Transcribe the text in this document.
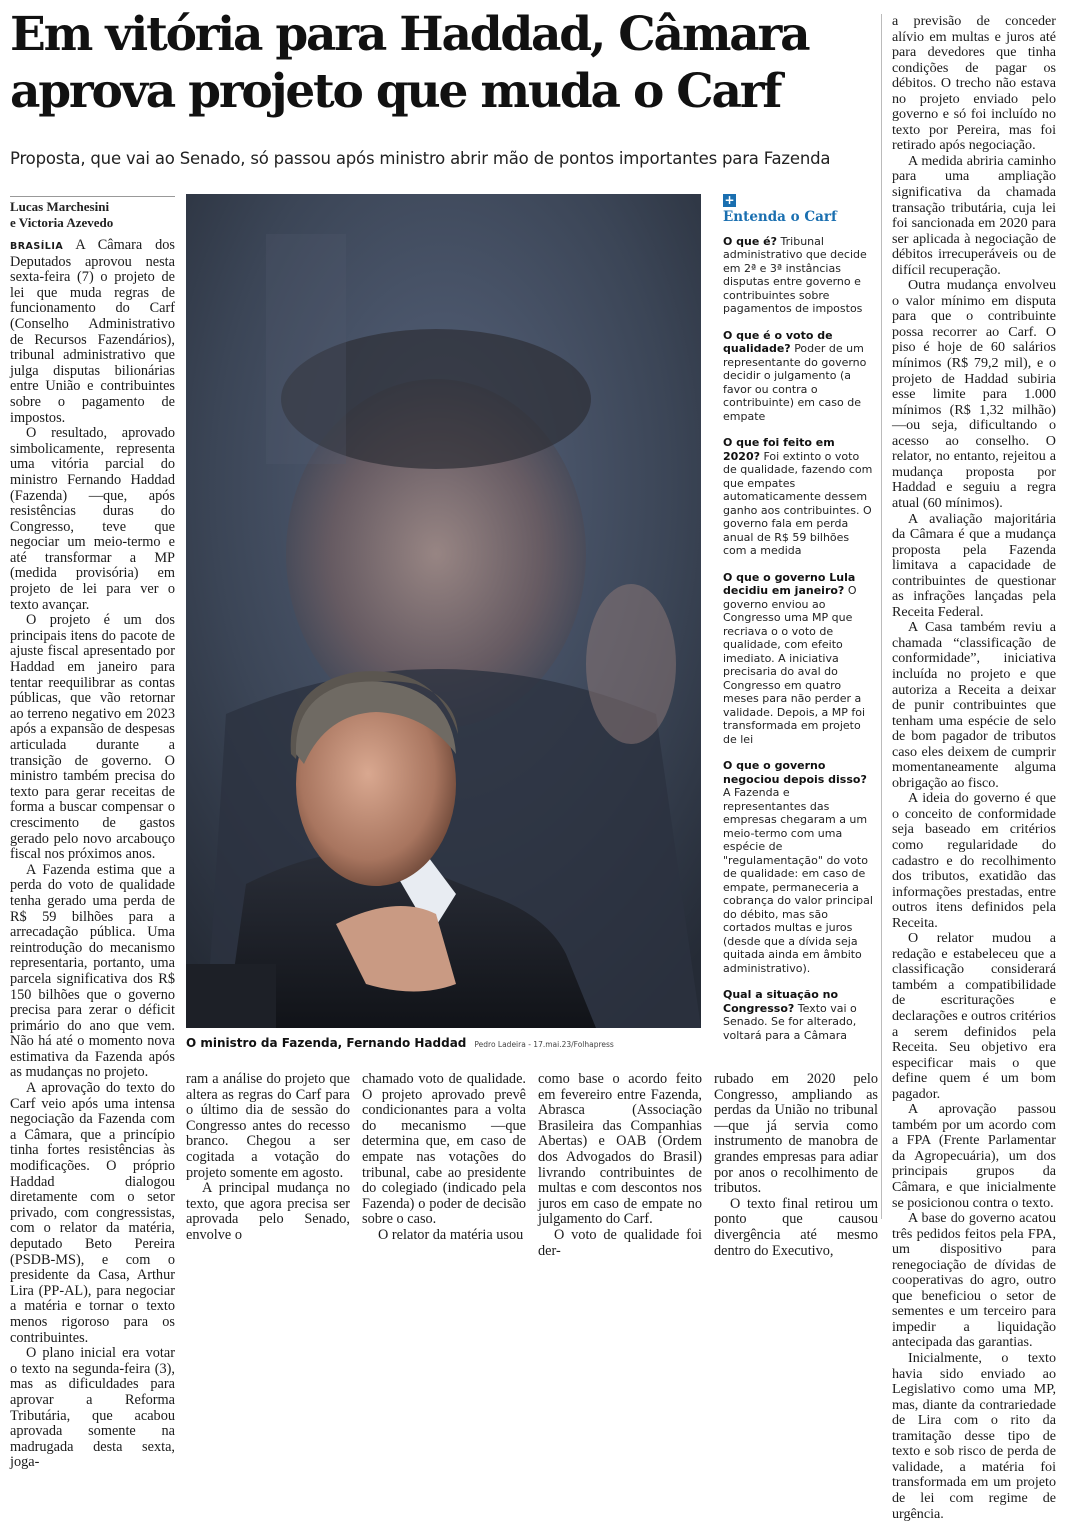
Em vitória para Haddad, Câmara aprova projeto que muda o Carf

Proposta, que vai ao Senado, só passou após ministro abrir mão de pontos importantes para Fazenda

Lucas Marchesini
e Victoria Azevedo

BRASÍLIA A Câmara dos Deputados aprovou nesta sexta-feira (7) o projeto de lei que muda regras de funcionamento do Carf (Conselho Administrativo de Recursos Fazendários), tribunal administrativo que julga disputas bilionárias entre União e contribuintes sobre o pagamento de impostos.

O resultado, aprovado simbolicamente, representa uma vitória parcial do ministro Fernando Haddad (Fazenda) —que, após resistências duras do Congresso, teve que negociar um meio-termo e até transformar a MP (medida provisória) em projeto de lei para ver o texto avançar.

O projeto é um dos principais itens do pacote de ajuste fiscal apresentado por Haddad em janeiro para tentar reequilibrar as contas públicas, que vão retornar ao terreno negativo em 2023 após a expansão de despesas articulada durante a transição de governo. O ministro também precisa do texto para gerar receitas de forma a buscar compensar o crescimento de gastos gerado pelo novo arcabouço fiscal nos próximos anos.

A Fazenda estima que a perda do voto de qualidade tenha gerado uma perda de R$ 59 bilhões para a arrecadação pública. Uma reintrodução do mecanismo representaria, portanto, uma parcela significativa dos R$ 150 bilhões que o governo precisa para zerar o déficit primário do ano que vem. Não há até o momento nova estimativa da Fazenda após as mudanças no projeto.

A aprovação do texto do Carf veio após uma intensa negociação da Fazenda com a Câmara, que a princípio tinha fortes resistências às modificações. O próprio Haddad dialogou diretamente com o setor privado, com congressistas, com o relator da matéria, deputado Beto Pereira (PSDB-MS), e com o presidente da Casa, Arthur Lira (PP-AL), para negociar a matéria e tornar o texto menos rigoroso para os contribuintes.

O plano inicial era votar o texto na segunda-feira (3), mas as dificuldades para aprovar a Reforma Tributária, que acabou aprovada somente na madrugada desta sexta, joga-

O ministro da Fazenda, Fernando Haddad Pedro Ladeira - 17.mai.23/Folhapress
+
Entenda o Carf
O que é? Tribunal administrativo que decide em 2ª e 3ª instâncias disputas entre governo e contribuintes sobre pagamentos de impostos
O que é o voto de qualidade? Poder de um representante do governo decidir o julgamento (a favor ou contra o contribuinte) em caso de empate
O que foi feito em 2020? Foi extinto o voto de qualidade, fazendo com que empates automaticamente dessem ganho aos contribuintes. O governo fala em perda anual de R$ 59 bilhões com a medida
O que o governo Lula decidiu em janeiro? O governo enviou ao Congresso uma MP que recriava o o voto de qualidade, com efeito imediato. A iniciativa precisaria do aval do Congresso em quatro meses para não perder a validade. Depois, a MP foi transformada em projeto de lei
O que o governo negociou depois disso? A Fazenda e representantes das empresas chegaram a um meio-termo com uma espécie de "regulamentação" do voto de qualidade: em caso de empate, permaneceria a cobrança do valor principal do débito, mas são cortados multas e juros (desde que a dívida seja quitada ainda em âmbito administrativo).
Qual a situação no Congresso? Texto vai o Senado. Se for alterado, voltará para a Câmara

ram a análise do projeto que altera as regras do Carf para o último dia de sessão do Congresso antes do recesso branco. Chegou a ser cogitada a votação do projeto somente em agosto.

A principal mudança no texto, que agora precisa ser aprovada pelo Senado, envolve o

chamado voto de qualidade. O projeto aprovado prevê condicionantes para a volta do mecanismo —que determina que, em caso de empate nas votações do tribunal, cabe ao presidente do colegiado (indicado pela Fazenda) o poder de decisão sobre o caso.

O relator da matéria usou

como base o acordo feito em fevereiro entre Fazenda, Abrasca (Associação Brasileira das Companhias Abertas) e OAB (Ordem dos Advogados do Brasil) livrando contribuintes de multas e com descontos nos juros em caso de empate no julgamento do Carf.

O voto de qualidade foi der-

rubado em 2020 pelo Congresso, ampliando as perdas da União no tribunal —que já servia como instrumento de manobra de grandes empresas para adiar por anos o recolhimento de tributos.

O texto final retirou um ponto que causou divergência até mesmo dentro do Executivo,

a previsão de conceder alívio em multas e juros até para devedores que tinha condições de pagar os débitos. O trecho não estava no projeto enviado pelo governo e só foi incluído no texto por Pereira, mas foi retirado após negociação.

A medida abriria caminho para uma ampliação significativa da chamada transação tributária, cuja lei foi sancionada em 2020 para ser aplicada à negociação de débitos irrecuperáveis ou de difícil recuperação.

Outra mudança envolveu o valor mínimo em disputa para que o contribuinte possa recorrer ao Carf. O piso é hoje de 60 salários mínimos (R$ 79,2 mil), e o projeto de Haddad subiria esse limite para 1.000 mínimos (R$ 1,32 milhão) —ou seja, dificultando o acesso ao conselho. O relator, no entanto, rejeitou a mudança proposta por Haddad e seguiu a regra atual (60 mínimos).

A avaliação majoritária da Câmara é que a mudança proposta pela Fazenda limitava a capacidade de contribuintes de questionar as infrações lançadas pela Receita Federal.

A Casa também reviu a chamada “classificação de conformidade”, iniciativa incluída no projeto e que autoriza a Receita a deixar de punir contribuintes que tenham uma espécie de selo de bom pagador de tributos caso eles deixem de cumprir momentaneamente alguma obrigação ao fisco.

A ideia do governo é que o conceito de conformidade seja baseado em critérios como regularidade do cadastro e do recolhimento dos tributos, exatidão das informações prestadas, entre outros itens definidos pela Receita.

O relator mudou a redação e estabeleceu que a classificação considerará também a compatibilidade de escriturações e declarações e outros critérios a serem definidos pela Receita. Seu objetivo era especificar mais o que define quem é um bom pagador.

A aprovação passou também por um acordo com a FPA (Frente Parlamentar da Agropecuária), um dos principais grupos da Câmara, e que inicialmente se posicionou contra o texto.

A base do governo acatou três pedidos feitos pela FPA, um dispositivo para renegociação de dívidas de cooperativas do agro, outro que beneficiou o setor de sementes e um terceiro para impedir a liquidação antecipada das garantias.

Inicialmente, o texto havia sido enviado ao Legislativo como uma MP, mas, diante da contrariedade de Lira com o rito da tramitação desse tipo de texto e sob risco de perda de validade, a matéria foi transformada em um projeto de lei com regime de urgência.
